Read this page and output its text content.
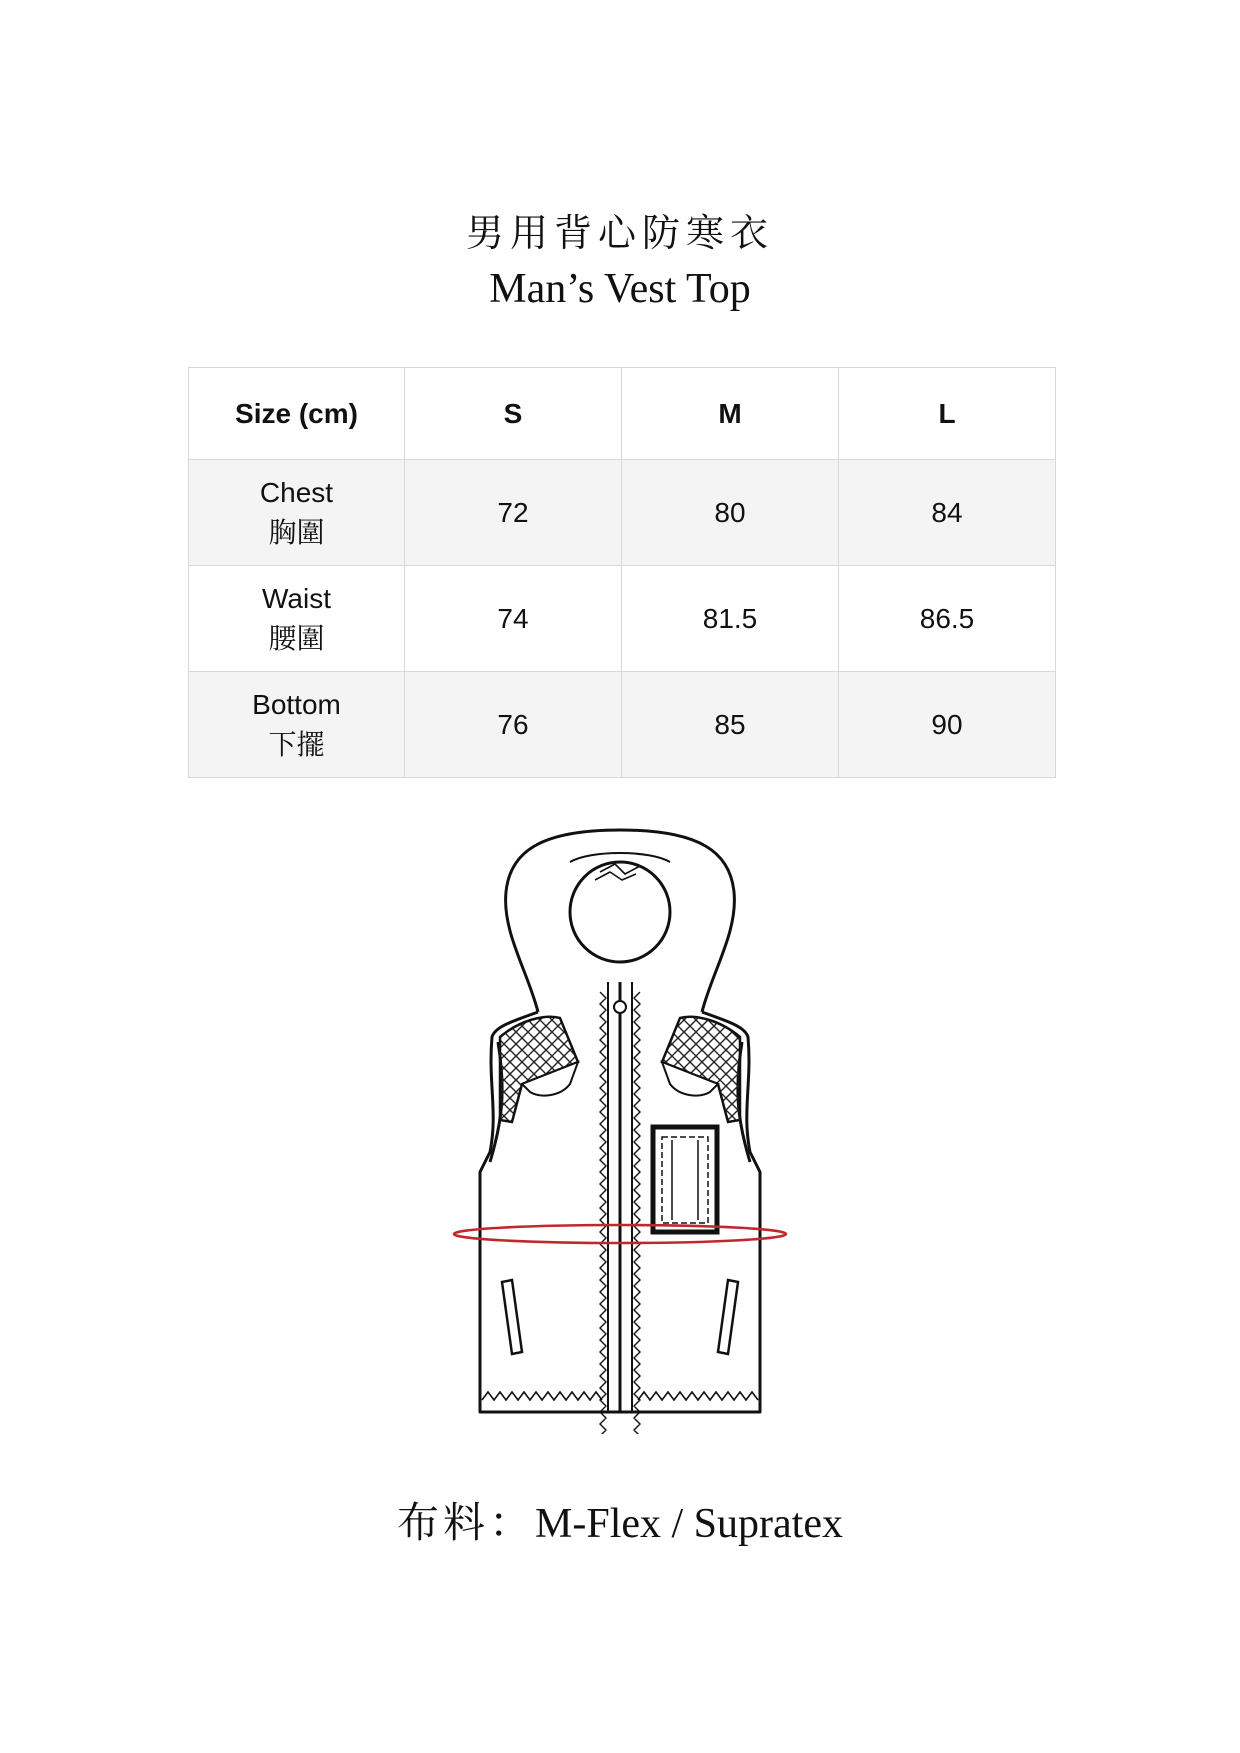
男用背心防寒衣
Man’s Vest Top
Size (cm)	S	M	L

Chest
胸圍	72	80	84

Waist
腰圍	74	81.5	86.5

Bottom
下擺	76	85	90
布料：M-Flex / Supratex
